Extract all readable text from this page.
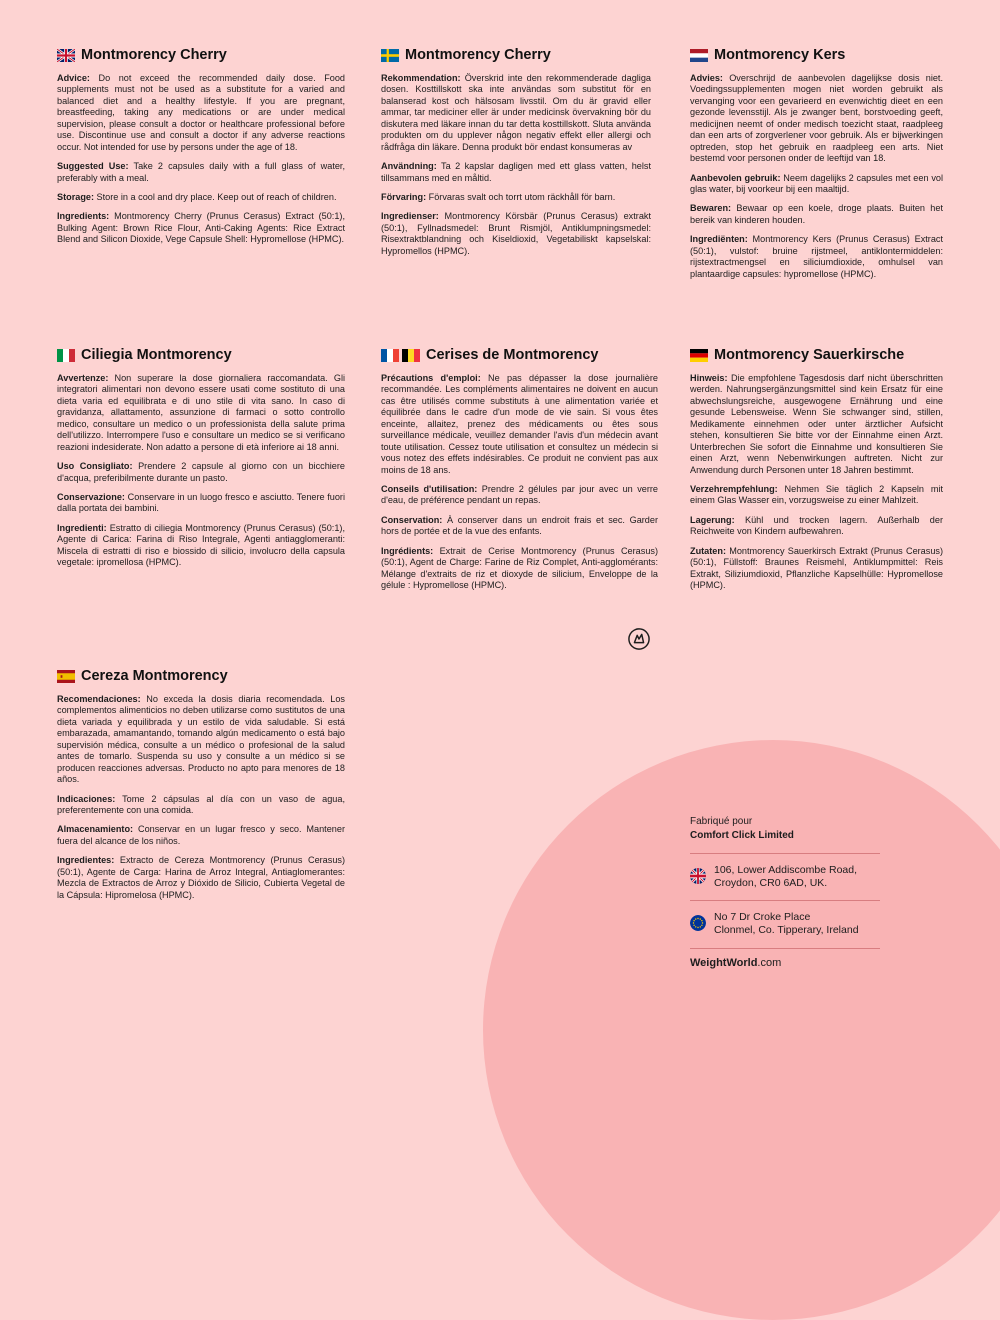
Montmorency Cherry

Advice: Do not exceed the recommended daily dose. Food supplements must not be used as a substitute for a varied and balanced diet and a healthy lifestyle. If you are pregnant, breastfeeding, taking any medications or are under medical supervision, please consult a doctor or healthcare professional before use. Discontinue use and consult a doctor if any adverse reactions occur. Not intended for use by persons under the age of 18.

Suggested Use: Take 2 capsules daily with a full glass of water, preferably with a meal.

Storage: Store in a cool and dry place. Keep out of reach of children.

Ingredients: Montmorency Cherry (Prunus Cerasus) Extract (50:1), Bulking Agent: Brown Rice Flour, Anti-Caking Agents: Rice Extract Blend and Silicon Dioxide, Vege Capsule Shell: Hypromellose (HPMC).

Montmorency Cherry

Rekommendation: Överskrid inte den rekommenderade dagliga dosen. Kosttillskott ska inte användas som substitut för en balanserad kost och hälsosam livsstil. Om du är gravid eller ammar, tar mediciner eller är under medicinsk övervakning bör du diskutera med läkare innan du tar detta kosttillskott. Sluta använda produkten om du upplever någon negativ effekt eller allergi och rådfråga din läkare. Denna produkt bör endast konsumeras av

Användning: Ta 2 kapslar dagligen med ett glass vatten, helst tillsammans med en måltid.

Förvaring: Förvaras svalt och torrt utom räckhåll för barn.

Ingredienser: Montmorency Körsbär (Prunus Cerasus) extrakt (50:1), Fyllnadsmedel: Brunt Rismjöl, Antiklumpningsmedel: Risextraktblandning och Kiseldioxid, Vegetabiliskt kapselskal: Hypromellos (HPMC).

Montmorency Kers

Advies: Overschrijd de aanbevolen dagelijkse dosis niet. Voedingssupplementen mogen niet worden gebruikt als vervanging voor een gevarieerd en evenwichtig dieet en een gezonde levensstijl. Als je zwanger bent, borstvoeding geeft, medicijnen neemt of onder medisch toezicht staat, raadpleeg dan een arts of zorgverlener voor gebruik. Als er bijwerkingen optreden, stop het gebruik en raadpleeg een arts. Niet bestemd voor personen onder de leeftijd van 18.

Aanbevolen gebruik: Neem dagelijks 2 capsules met een vol glas water, bij voorkeur bij een maaltijd.

Bewaren: Bewaar op een koele, droge plaats. Buiten het bereik van kinderen houden.

Ingrediënten: Montmorency Kers (Prunus Cerasus) Extract (50:1), vulstof: bruine rijstmeel, antiklontermiddelen: rijstextractmengsel en siliciumdioxide, omhulsel van plantaardige capsules: hypromellose (HPMC).

Ciliegia Montmorency

Avvertenze: Non superare la dose giornaliera raccomandata. Gli integratori alimentari non devono essere usati come sostituto di una dieta varia ed equilibrata e di uno stile di vita sano. In caso di gravidanza, allattamento, assunzione di farmaci o sotto controllo medico, consultare un medico o un professionista della salute prima dell'utilizzo. Interrompere l'uso e consultare un medico se si verificano reazioni indesiderate. Non adatto a persone di età inferiore ai 18 anni.

Uso Consigliato: Prendere 2 capsule al giorno con un bicchiere d'acqua, preferibilmente durante un pasto.

Conservazione: Conservare in un luogo fresco e asciutto. Tenere fuori dalla portata dei bambini.

Ingredienti: Estratto di ciliegia Montmorency (Prunus Cerasus) (50:1), Agente di Carica: Farina di Riso Integrale, Agenti antiagglomeranti: Miscela di estratti di riso e biossido di silicio, involucro della capsula vegetale: ipromellosa (HPMC).

Cerises de Montmorency

Précautions d'emploi: Ne pas dépasser la dose journalière recommandée. Les compléments alimentaires ne doivent en aucun cas être utilisés comme substituts à une alimentation variée et équilibrée dans le cadre d'un mode de vie sain. Si vous êtes enceinte, allaitez, prenez des médicaments ou êtes sous surveillance médicale, veuillez demander l'avis d'un médecin avant toute utilisation. Cessez toute utilisation et consultez un médecin si vous notez des effets indésirables. Ce produit ne convient pas aux moins de 18 ans.

Conseils d'utilisation: Prendre 2 gélules par jour avec un verre d'eau, de préférence pendant un repas.

Conservation: À conserver dans un endroit frais et sec. Garder hors de portée et de la vue des enfants.

Ingrédients: Extrait de Cerise Montmorency (Prunus Cerasus) (50:1), Agent de Charge: Farine de Riz Complet, Anti-agglomérants: Mélange d'extraits de riz et dioxyde de silicium, Enveloppe de la gélule : Hypromellose (HPMC).

Montmorency Sauerkirsche

Hinweis: Die empfohlene Tagesdosis darf nicht überschritten werden. Nahrungsergänzungsmittel sind kein Ersatz für eine abwechslungsreiche, ausgewogene Ernährung und eine gesunde Lebensweise. Wenn Sie schwanger sind, stillen, Medikamente einnehmen oder unter ärztlicher Aufsicht stehen, konsultieren Sie bitte vor der Einnahme einen Arzt. Unterbrechen Sie sofort die Einnahme und konsultieren Sie einen Arzt, wenn Nebenwirkungen auftreten. Nicht zur Anwendung durch Personen unter 18 Jahren bestimmt.

Verzehrempfehlung: Nehmen Sie täglich 2 Kapseln mit einem Glas Wasser ein, vorzugsweise zu einer Mahlzeit.

Lagerung: Kühl und trocken lagern. Außerhalb der Reichweite von Kindern aufbewahren.

Zutaten: Montmorency Sauerkirsch Extrakt (Prunus Cerasus) (50:1), Füllstoff: Braunes Reismehl, Antiklumpmittel: Reis Extrakt, Siliziumdioxid, Pflanzliche Kapselhülle: Hypromellose (HPMC).

Cereza Montmorency

Recomendaciones: No exceda la dosis diaria recomendada. Los complementos alimenticios no deben utilizarse como sustitutos de una dieta variada y equilibrada y un estilo de vida saludable. Si está embarazada, amamantando, tomando algún medicamento o está bajo supervisión médica, consulte a un médico o profesional de la salud antes de tomarlo. Suspenda su uso y consulte a un médico si se producen reacciones adversas. Producto no apto para menores de 18 años.

Indicaciones: Tome 2 cápsulas al día con un vaso de agua, preferentemente con una comida.

Almacenamiento: Conservar en un lugar fresco y seco. Mantener fuera del alcance de los niños.

Ingredientes: Extracto de Cereza Montmorency (Prunus Cerasus) (50:1), Agente de Carga: Harina de Arroz Integral, Antiaglomerantes: Mezcla de Extractos de Arroz y Dióxido de Silicio, Cubierta Vegetal de la Cápsula: Hipromelosa (HPMC).

Fabriqué pour

Comfort Click Limited

106, Lower Addiscombe Road,
Croydon, CR0 6AD, UK.
No 7 Dr Croke Place
Clonmel, Co. Tipperary, Ireland
WeightWorld.com
